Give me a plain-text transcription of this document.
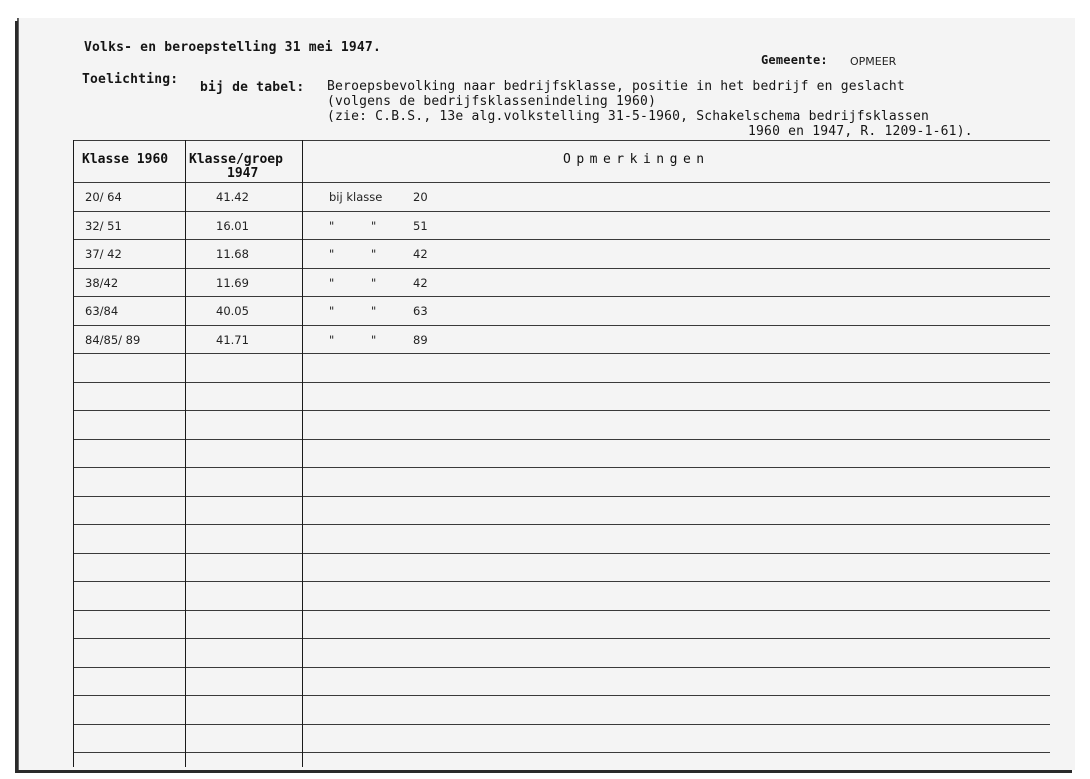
Volks- en beroepstelling 31 mei 1947.
Gemeente: OPMEER
Toelichting:
bij de tabel: Beroepsbevolking naar bedrijfsklasse, positie in het bedrijf en geslacht
(volgens de bedrijfsklassenindeling 1960)
(zie: C.B.S., 13e alg.volkstelling 31-5-1960, Schakelschema bedrijfsklassen
1960 en 1947, R. 1209-1-61).
Klasse 1960 Klasse/groep
1947
Opmerkingen
20/ 64	41.42	bij klasse	20
32/ 51	16.01	"	"	51
37/ 42	11.68	"	"	42
38/42	11.69	"	"	42
63/84	40.05	"	"	63
84/85/ 89	41.71	"	"	89
